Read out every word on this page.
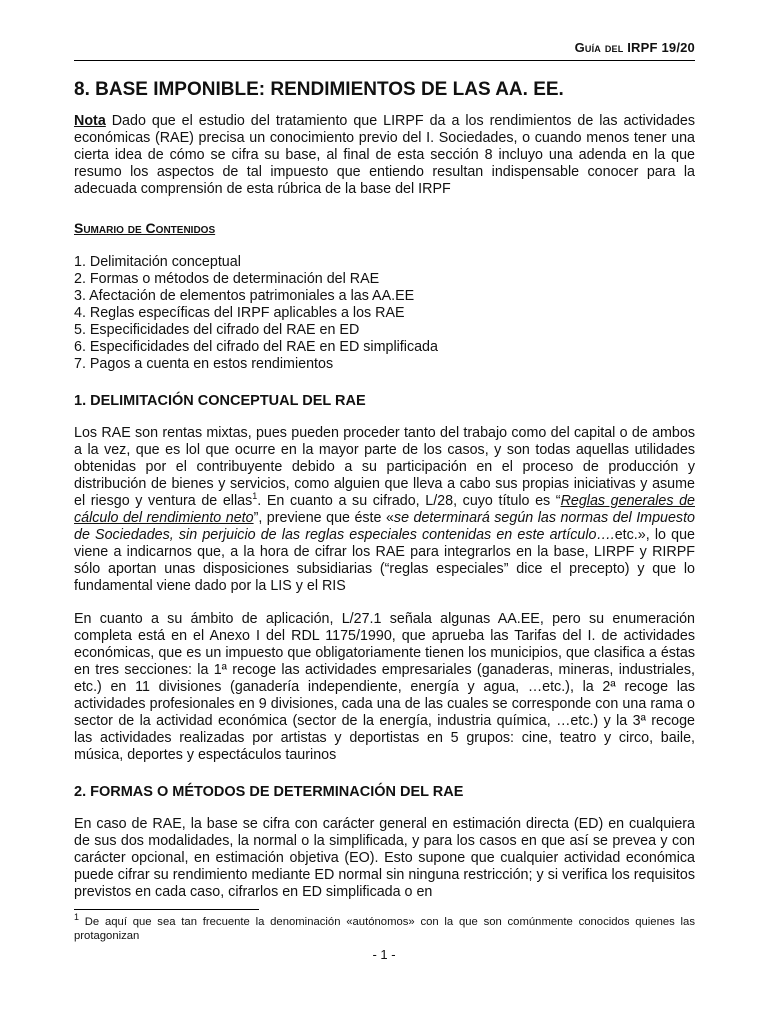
Guía del IRPF 19/20
8. BASE IMPONIBLE: RENDIMIENTOS DE LAS AA. EE.

Nota Dado que el estudio del tratamiento que LIRPF da a los rendimientos de las actividades económicas (RAE) precisa un conocimiento previo del I. Sociedades, o cuando menos tener una cierta idea de cómo se cifra su base, al final de esta sección 8 incluyo una adenda en la que resumo los aspectos de tal impuesto que entiendo resultan indispensable conocer para la adecuada comprensión de esta rúbrica de la base del IRPF

Sumario de Contenidos
1. Delimitación conceptual
2. Formas o métodos de determinación del RAE
3. Afectación de elementos patrimoniales a las AA.EE
4. Reglas específicas del IRPF aplicables a los RAE
5. Especificidades del cifrado del RAE en ED
6. Especificidades del cifrado del RAE en ED simplificada
7. Pagos a cuenta en estos rendimientos
1. DELIMITACIÓN CONCEPTUAL DEL RAE

Los RAE son rentas mixtas, pues pueden proceder tanto del trabajo como del capital o de ambos a la vez, que es lol que ocurre en la mayor parte de los casos, y son todas aquellas utilidades obtenidas por el contribuyente debido a su participación en el proceso de producción y distribución de bienes y servicios, como alguien que lleva a cabo sus propias iniciativas y asume el riesgo y ventura de ellas$^1$. En cuanto a su cifrado, L/28, cuyo título es “Reglas generales de cálculo del rendimiento neto”, previene que éste «se determinará según las normas del Impuesto de Sociedades, sin perjuicio de las reglas especiales contenidas en este artículo….etc.», lo que viene a indicarnos que, a la hora de cifrar los RAE para integrarlos en la base, LIRPF y RIRPF sólo aportan unas disposiciones subsidiarias (“reglas especiales” dice el precepto) y que lo fundamental viene dado por la LIS y el RIS

En cuanto a su ámbito de aplicación, L/27.1 señala algunas AA.EE, pero su enumeración completa está en el Anexo I del RDL 1175/1990, que aprueba las Tarifas del I. de actividades económicas, que es un impuesto que obligatoriamente tienen los municipios, que clasifica a éstas en tres secciones: la 1ª recoge las actividades empresariales (ganaderas, mineras, industriales, etc.) en 11 divisiones (ganadería independiente, energía y agua, …etc.), la 2ª recoge las actividades profesionales en 9 divisiones, cada una de las cuales se corresponde con una rama o sector de la actividad económica (sector de la energía, industria química, …etc.) y la 3ª recoge las actividades realizadas por artistas y deportistas en 5 grupos: cine, teatro y circo, baile, música, deportes y espectáculos taurinos

2. FORMAS O MÉTODOS DE DETERMINACIÓN DEL RAE

En caso de RAE, la base se cifra con carácter general en estimación directa (ED) en cualquiera de sus dos modalidades, la normal o la simplificada, y para los casos en que así se prevea y con carácter opcional, en estimación objetiva (EO). Esto supone que cualquier actividad económica puede cifrar su rendimiento mediante ED normal sin ninguna restricción; y si verifica los requisitos previstos en cada caso, cifrarlos en ED simplificada o en

$^1$ De aquí que sea tan frecuente la denominación «autónomos» con la que son comúnmente conocidos quienes las protagonizan
- 1 -
